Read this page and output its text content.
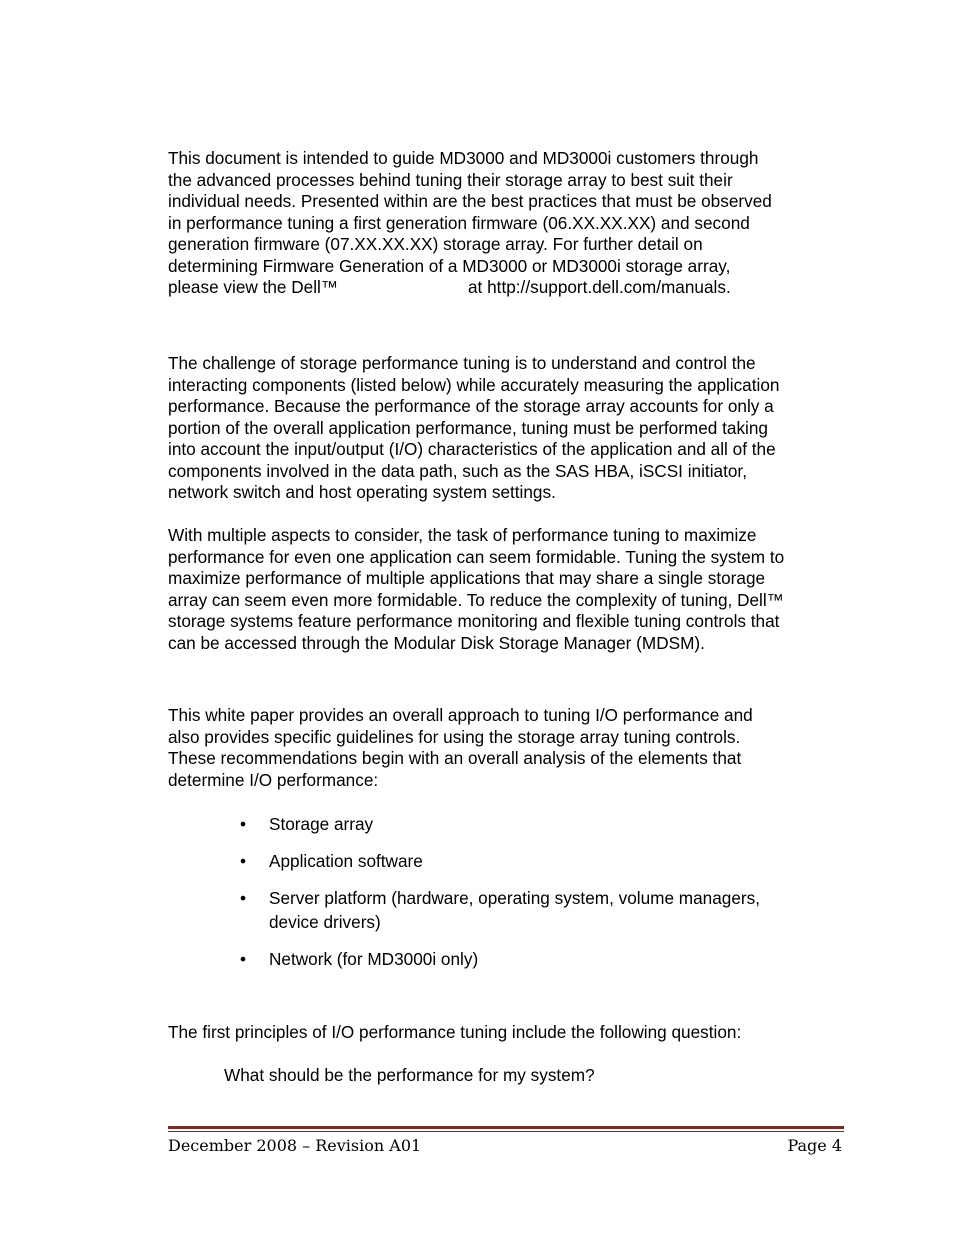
This document is intended to guide MD3000 and MD3000i customers through
the advanced processes behind tuning their storage array to best suit their
individual needs. Presented within are the best practices that must be observed
in performance tuning a first generation firmware (06.XX.XX.XX) and second
generation firmware (07.XX.XX.XX) storage array. For further detail on
determining Firmware Generation of a MD3000 or MD3000i storage array,
please view the Dell™	at http://support.dell.com/manuals.
The challenge of storage performance tuning is to understand and control the
interacting components (listed below) while accurately measuring the application
performance. Because the performance of the storage array accounts for only a
portion of the overall application performance, tuning must be performed taking
into account the input/output (I/O) characteristics of the application and all of the
components involved in the data path, such as the SAS HBA, iSCSI initiator,
network switch and host operating system settings.
With multiple aspects to consider, the task of performance tuning to maximize
performance for even one application can seem formidable. Tuning the system to
maximize performance of multiple applications that may share a single storage
array can seem even more formidable. To reduce the complexity of tuning, Dell™
storage systems feature performance monitoring and flexible tuning controls that
can be accessed through the Modular Disk Storage Manager (MDSM).
This white paper provides an overall approach to tuning I/O performance and
also provides specific guidelines for using the storage array tuning controls.
These recommendations begin with an overall analysis of the elements that
determine I/O performance:
• Storage array
• Application software
• Server platform (hardware, operating system, volume managers,
device drivers)
• Network (for MD3000i only)
The first principles of I/O performance tuning include the following question:
What should be the performance for my system?
December 2008 – Revision A01	Page 4
